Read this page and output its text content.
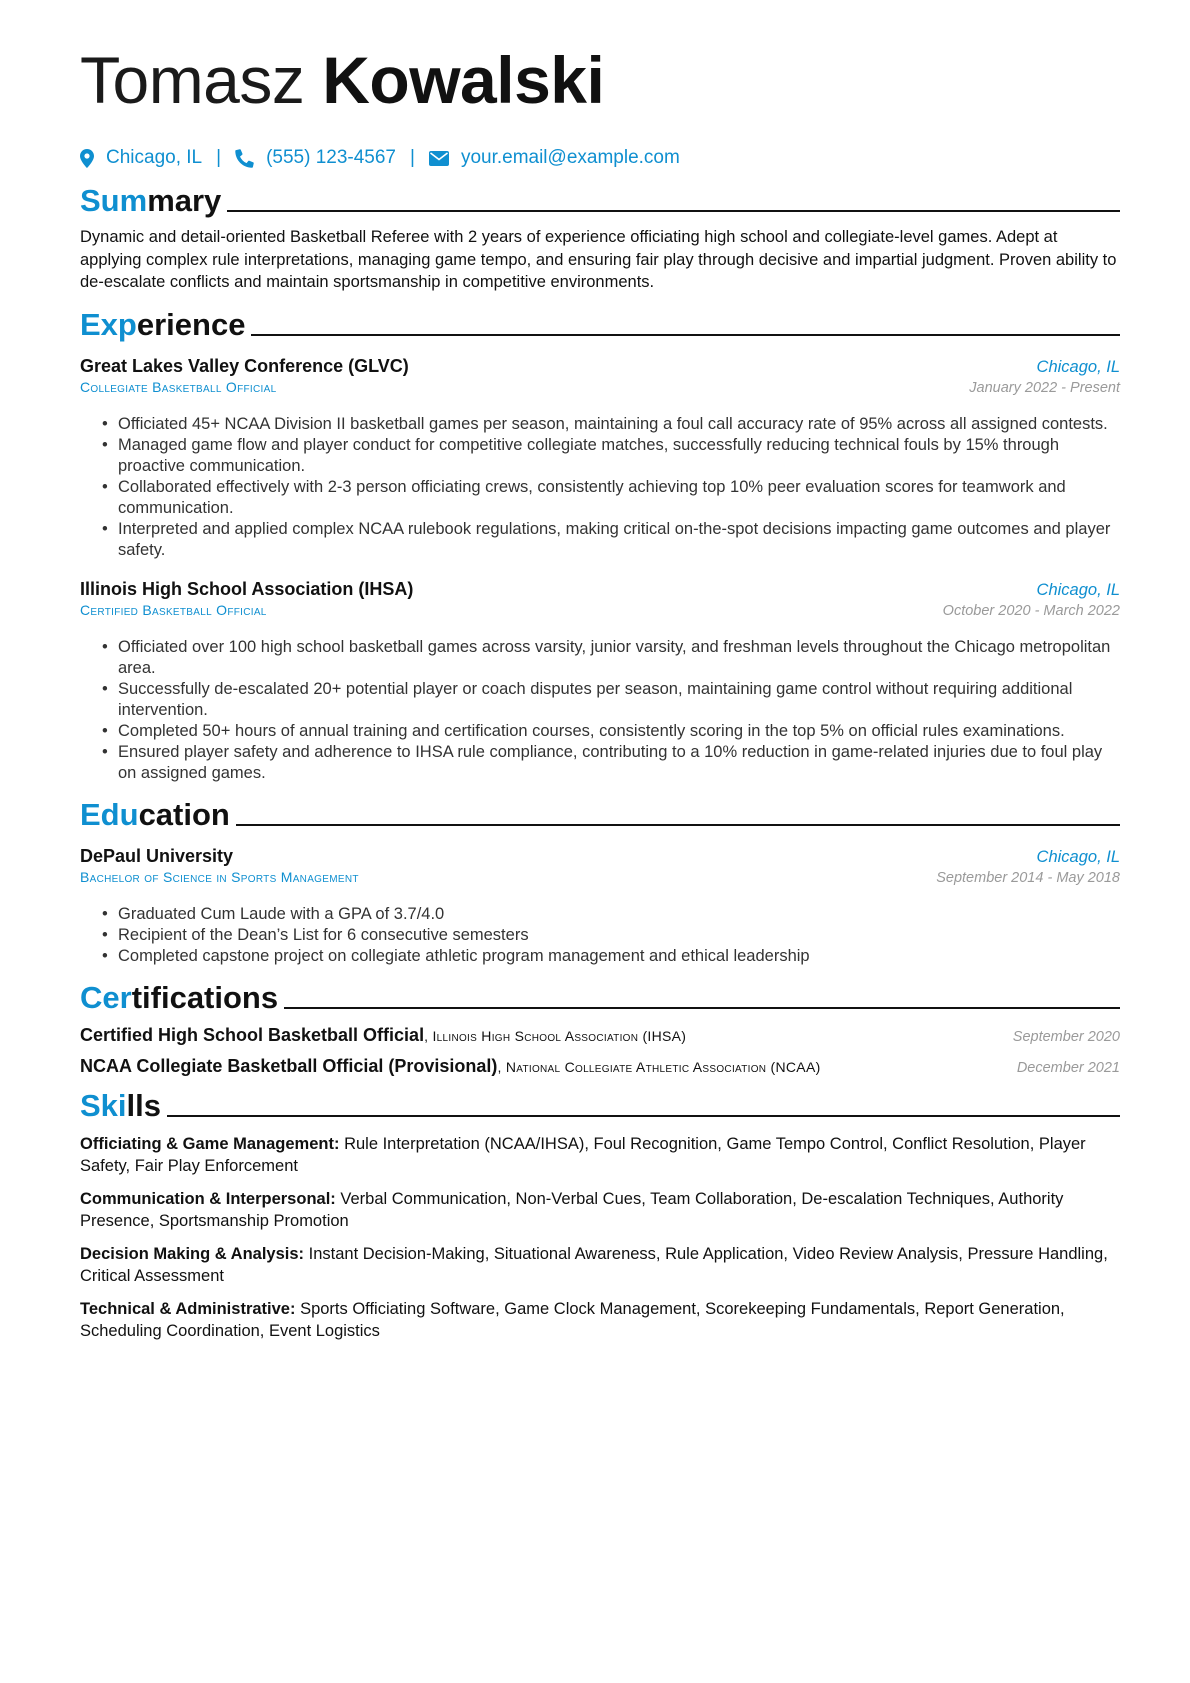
Tomasz Kowalski
Chicago, IL | (555) 123-4567 | your.email@example.com
Summary

Dynamic and detail-oriented Basketball Referee with 2 years of experience officiating high school and collegiate-level games. Adept at applying complex rule interpretations, managing game tempo, and ensuring fair play through decisive and impartial judgment. Proven ability to de-escalate conflicts and maintain sportsmanship in competitive environments.

Experience
Great Lakes Valley Conference (GLVC)	Chicago, IL
Collegiate Basketball Official	January 2022 - Present
• Officiated 45+ NCAA Division II basketball games per season, maintaining a foul call accuracy rate of 95% across all assigned contests.
• Managed game flow and player conduct for competitive collegiate matches, successfully reducing technical fouls by 15% through proactive communication.
• Collaborated effectively with 2-3 person officiating crews, consistently achieving top 10% peer evaluation scores for teamwork and communication.
• Interpreted and applied complex NCAA rulebook regulations, making critical on-the-spot decisions impacting game outcomes and player safety.
Illinois High School Association (IHSA)	Chicago, IL
Certified Basketball Official	October 2020 - March 2022
• Officiated over 100 high school basketball games across varsity, junior varsity, and freshman levels throughout the Chicago metropolitan area.
• Successfully de-escalated 20+ potential player or coach disputes per season, maintaining game control without requiring additional intervention.
• Completed 50+ hours of annual training and certification courses, consistently scoring in the top 5% on official rules examinations.
• Ensured player safety and adherence to IHSA rule compliance, contributing to a 10% reduction in game-related injuries due to foul play on assigned games.
Education
DePaul University	Chicago, IL
Bachelor of Science in Sports Management	September 2014 - May 2018
• Graduated Cum Laude with a GPA of 3.7/4.0
• Recipient of the Dean’s List for 6 consecutive semesters
• Completed capstone project on collegiate athletic program management and ethical leadership
Certifications
Certified High School Basketball Official, Illinois High School Association (IHSA)	September 2020
NCAA Collegiate Basketball Official (Provisional), National Collegiate Athletic Association (NCAA)	December 2021
Skills
Officiating & Game Management: Rule Interpretation (NCAA/IHSA), Foul Recognition, Game Tempo Control, Conflict Resolution, Player Safety, Fair Play Enforcement
Communication & Interpersonal: Verbal Communication, Non-Verbal Cues, Team Collaboration, De-escalation Techniques, Authority Presence, Sportsmanship Promotion
Decision Making & Analysis: Instant Decision-Making, Situational Awareness, Rule Application, Video Review Analysis, Pressure Handling, Critical Assessment
Technical & Administrative: Sports Officiating Software, Game Clock Management, Scorekeeping Fundamentals, Report Generation, Scheduling Coordination, Event Logistics
